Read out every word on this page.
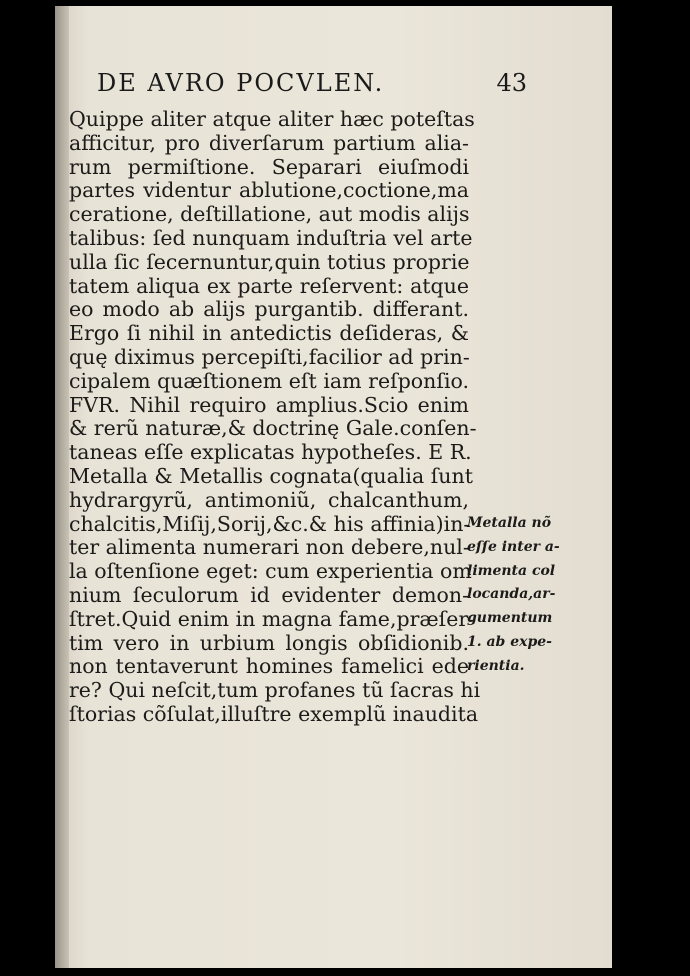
DE AVRO POCVLEN.	43
Quippe aliter atque aliter hæc poteſtas
afficitur, pro diverſarum partium alia-
rum permiſtione. Separari eiuſmodi
partes videntur ablutione,coctione,ma
ceratione, deſtillatione, aut modis alijs
talibus: ſed nunquam induſtria vel arte
ulla ſic ſecernuntur,quin totius proprie
tatem aliqua ex parte reſervent: atque
eo modo ab alijs purgantib. differant.
Ergo ſi nihil in antedictis deſideras, &
quę diximus percepiſti,facilior ad prin-
cipalem quæſtionem eſt iam reſponſio.
FVR. Nihil requiro amplius.Scio enim
& rerũ naturæ,& doctrinę Gale.conſen-
taneas eſſe explicatas hypotheſes. E R.
Metalla & Metallis cognata(qualia ſunt
hydrargyrũ, antimoniũ, chalcanthum,
chalcitis,Miſij,Sorij,&c.& his affinia)in-
ter alimenta numerari non debere,nul-
la oſtenſione eget: cum experientia om
nium ſeculorum id evidenter demon-
ſtret.Quid enim in magna fame,præſer-
tim vero in urbium longis obſidionib.
non tentaverunt homines famelici ede
re? Qui neſcit,tum profanes tũ ſacras hi
ſtorias cõſulat,illuſtre exemplũ inaudita
Metalla nõ
eſſe inter a-
limenta col
locanda,ar-
gumentum
1. ab expe-
rientia.
